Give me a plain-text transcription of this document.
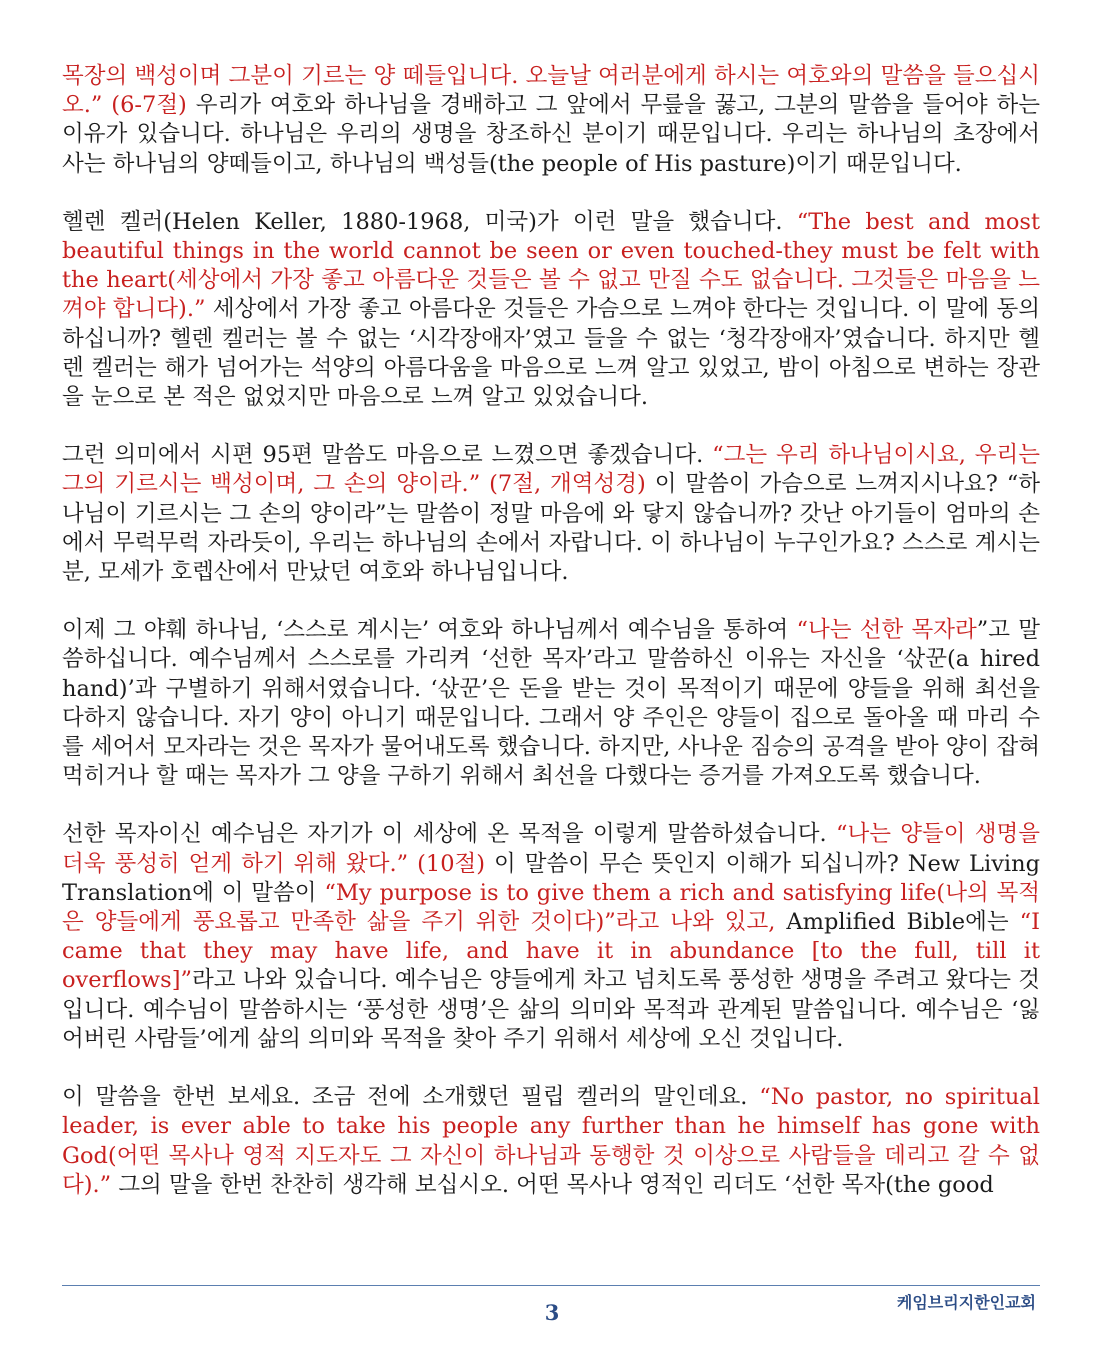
목장의 백성이며 그분이 기르는 양 떼들입니다. 오늘날 여러분에게 하시는 여호와의 말씀을 들으십시오.” (6-7절) 우리가 여호와 하나님을 경배하고 그 앞에서 무릎을 꿇고, 그분의 말씀을 들어야 하는 이유가 있습니다. 하나님은 우리의 생명을 창조하신 분이기 때문입니다. 우리는 하나님의 초장에서 사는 하나님의 양떼들이고, 하나님의 백성들(the people of His pasture)이기 때문입니다.

헬렌 켈러(Helen Keller, 1880-1968, 미국)가 이런 말을 했습니다. “The best and most beautiful things in the world cannot be seen or even touched-they must be felt with the heart(세상에서 가장 좋고 아름다운 것들은 볼 수 없고 만질 수도 없습니다. 그것들은 마음을 느껴야 합니다).” 세상에서 가장 좋고 아름다운 것들은 가슴으로 느껴야 한다는 것입니다. 이 말에 동의하십니까? 헬렌 켈러는 볼 수 없는 ‘시각장애자’였고 들을 수 없는 ‘청각장애자’였습니다. 하지만 헬렌 켈러는 해가 넘어가는 석양의 아름다움을 마음으로 느껴 알고 있었고, 밤이 아침으로 변하는 장관을 눈으로 본 적은 없었지만 마음으로 느껴 알고 있었습니다.

그런 의미에서 시편 95편 말씀도 마음으로 느꼈으면 좋겠습니다. “그는 우리 하나님이시요, 우리는 그의 기르시는 백성이며, 그 손의 양이라.” (7절, 개역성경) 이 말씀이 가슴으로 느껴지시나요? “하나님이 기르시는 그 손의 양이라”는 말씀이 정말 마음에 와 닿지 않습니까? 갓난 아기들이 엄마의 손에서 무럭무럭 자라듯이, 우리는 하나님의 손에서 자랍니다. 이 하나님이 누구인가요? 스스로 계시는 분, 모세가 호렙산에서 만났던 여호와 하나님입니다.

이제 그 야훼 하나님, ‘스스로 계시는’ 여호와 하나님께서 예수님을 통하여 “나는 선한 목자라”고 말씀하십니다. 예수님께서 스스로를 가리켜 ‘선한 목자’라고 말씀하신 이유는 자신을 ‘삯꾼(a hired hand)’과 구별하기 위해서였습니다. ‘삯꾼’은 돈을 받는 것이 목적이기 때문에 양들을 위해 최선을 다하지 않습니다. 자기 양이 아니기 때문입니다. 그래서 양 주인은 양들이 집으로 돌아올 때 마리 수를 세어서 모자라는 것은 목자가 물어내도록 했습니다. 하지만, 사나운 짐승의 공격을 받아 양이 잡혀 먹히거나 할 때는 목자가 그 양을 구하기 위해서 최선을 다했다는 증거를 가져오도록 했습니다.

선한 목자이신 예수님은 자기가 이 세상에 온 목적을 이렇게 말씀하셨습니다. “나는 양들이 생명을 더욱 풍성히 얻게 하기 위해 왔다.” (10절) 이 말씀이 무슨 뜻인지 이해가 되십니까? New Living Translation에 이 말씀이 “My purpose is to give them a rich and satisfying life(나의 목적은 양들에게 풍요롭고 만족한 삶을 주기 위한 것이다)”라고 나와 있고, Amplified Bible에는 “I came that they may have life, and have it in abundance [to the full, till it overflows]”라고 나와 있습니다. 예수님은 양들에게 차고 넘치도록 풍성한 생명을 주려고 왔다는 것입니다. 예수님이 말씀하시는 ‘풍성한 생명’은 삶의 의미와 목적과 관계된 말씀입니다. 예수님은 ‘잃어버린 사람들’에게 삶의 의미와 목적을 찾아 주기 위해서 세상에 오신 것입니다.

이 말씀을 한번 보세요. 조금 전에 소개했던 필립 켈러의 말인데요. “No pastor, no spiritual leader, is ever able to take his people any further than he himself has gone with God(어떤 목사나 영적 지도자도 그 자신이 하나님과 동행한 것 이상으로 사람들을 데리고 갈 수 없다).” 그의 말을 한번 찬찬히 생각해 보십시오. 어떤 목사나 영적인 리더도 ‘선한 목자(the good

3	케임브리지한인교회
